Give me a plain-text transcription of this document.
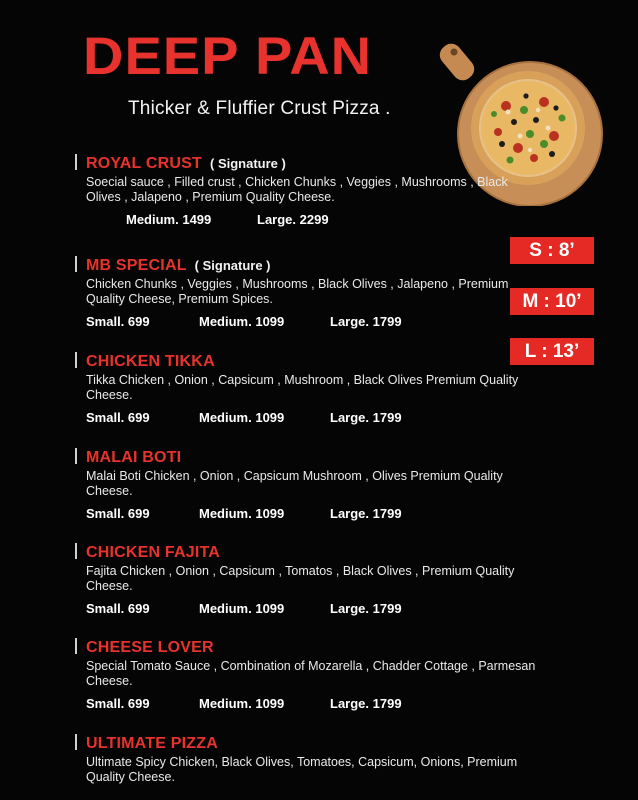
DEEP PAN
Thicker & Fluffier Crust Pizza .
S : 8’
M : 10’
L : 13’
ROYAL CRUST ( Signature )
Soecial sauce , Filled crust , Chicken Chunks , Veggies , Mushrooms , Black Olives , Jalapeno , Premium Quality Cheese.
Medium. 1499	Large. 2299
MB SPECIAL ( Signature )
Chicken Chunks , Veggies , Mushrooms , Black Olives , Jalapeno , Premium Quality Cheese, Premium Spices.
Small. 699	Medium. 1099	Large. 1799
CHICKEN TIKKA
Tikka Chicken , Onion , Capsicum , Mushroom , Black Olives Premium Quality Cheese.
Small. 699	Medium. 1099	Large. 1799
MALAI BOTI
Malai Boti Chicken , Onion , Capsicum Mushroom , Olives Premium Quality Cheese.
Small. 699	Medium. 1099	Large. 1799
CHICKEN FAJITA
Fajita Chicken , Onion , Capsicum , Tomatos , Black Olives , Premium Quality Cheese.
Small. 699	Medium. 1099	Large. 1799
CHEESE LOVER
Special Tomato Sauce , Combination of Mozarella , Chadder Cottage , Parmesan Cheese.
Small. 699	Medium. 1099	Large. 1799
ULTIMATE PIZZA
Ultimate Spicy Chicken, Black Olives, Tomatoes, Capsicum, Onions, Premium Quality Cheese.
